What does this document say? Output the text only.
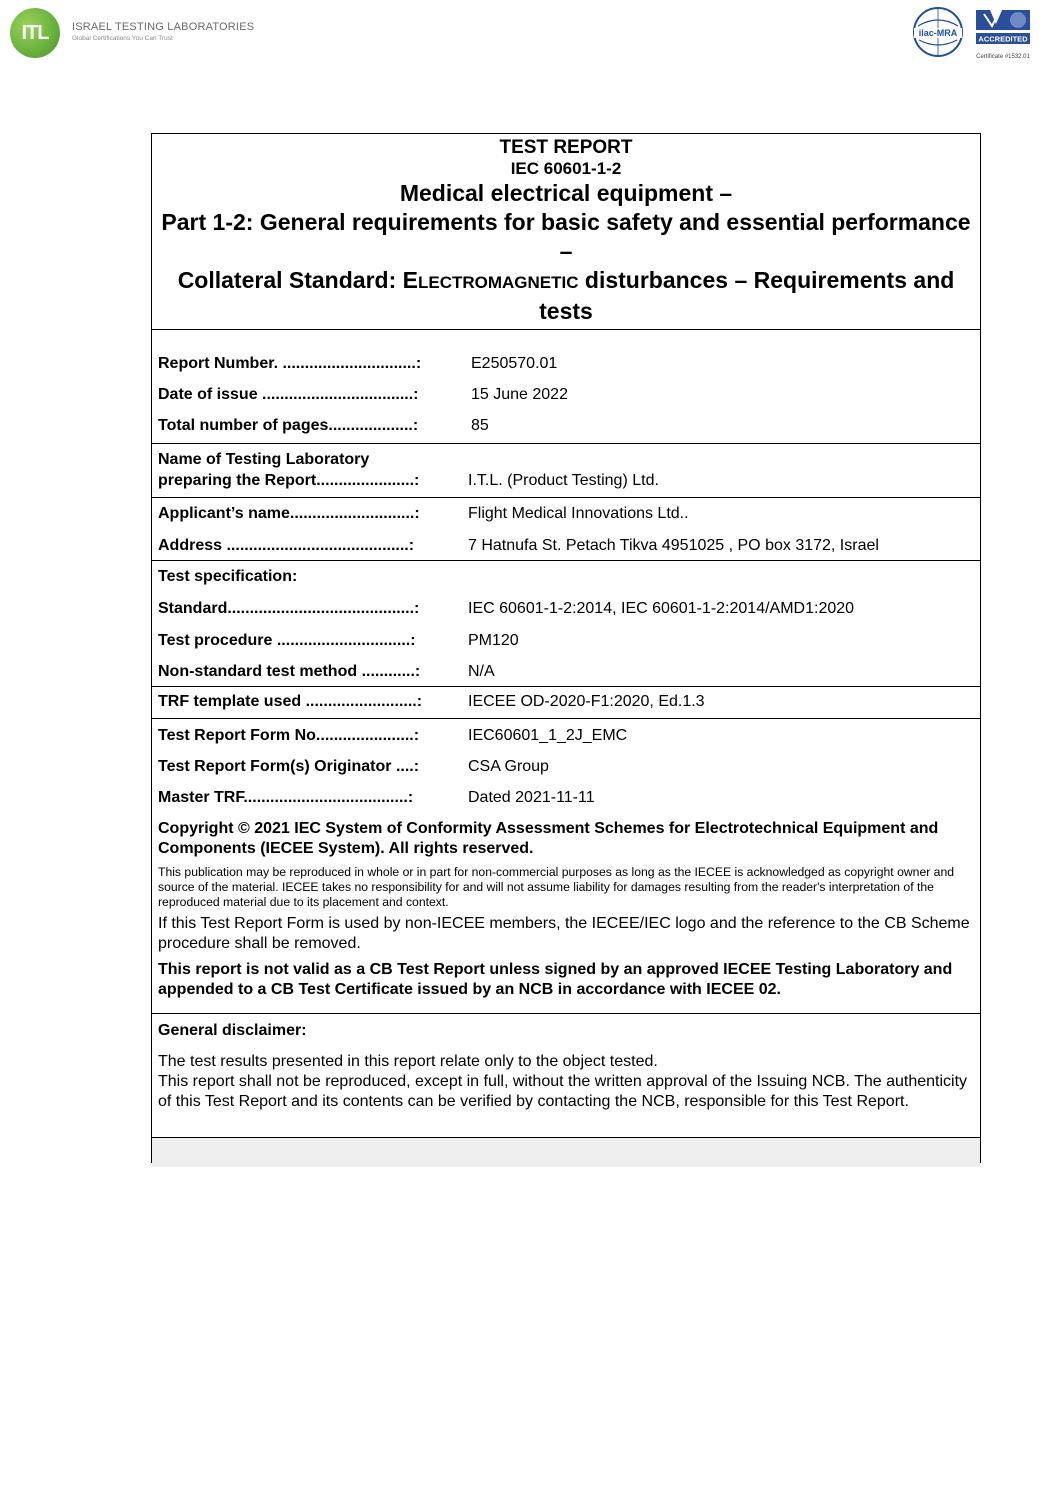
ITL	ISRAEL TESTING LABORATORIES
Global Certifications You Can Trust
ilac-MRA
ACCREDITED
Certificate #1532.01
TEST REPORT
IEC 60601-1-2
Medical electrical equipment –
Part 1-2: General requirements for basic safety and essential performance –
Collateral Standard: ELECTROMAGNETIC disturbances – Requirements and tests
Report Number. ..............................:	E250570.01
Date of issue ..................................:	15 June 2022
Total number of pages...................:	85
Name of Testing Laboratory
preparing the Report......................:	I.T.L. (Product Testing) Ltd.
Applicant’s name............................:	Flight Medical Innovations Ltd..
Address .........................................:	7 Hatnufa St. Petach Tikva 4951025 , PO box 3172, Israel
Test specification:
Standard..........................................:	IEC 60601-1-2:2014, IEC 60601-1-2:2014/AMD1:2020
Test procedure ..............................:	PM120
Non-standard test method ............:	N/A
TRF template used .........................:	IECEE OD-2020-F1:2020, Ed.1.3
Test Report Form No......................:	IEC60601_1_2J_EMC
Test Report Form(s) Originator ....:	CSA Group
Master TRF.....................................:	Dated 2021-11-11

Copyright © 2021 IEC System of Conformity Assessment Schemes for Electrotechnical Equipment and Components (IECEE System). All rights reserved.

This publication may be reproduced in whole or in part for non-commercial purposes as long as the IECEE is acknowledged as copyright owner and source of the material. IECEE takes no responsibility for and will not assume liability for damages resulting from the reader's interpretation of the reproduced material due to its placement and context.

If this Test Report Form is used by non-IECEE members, the IECEE/IEC logo and the reference to the CB Scheme procedure shall be removed.

This report is not valid as a CB Test Report unless signed by an approved IECEE Testing Laboratory and appended to a CB Test Certificate issued by an NCB in accordance with IECEE 02.

General disclaimer:

The test results presented in this report relate only to the object tested.

This report shall not be reproduced, except in full, without the written approval of the Issuing NCB. The authenticity of this Test Report and its contents can be verified by contacting the NCB, responsible for this Test Report.
